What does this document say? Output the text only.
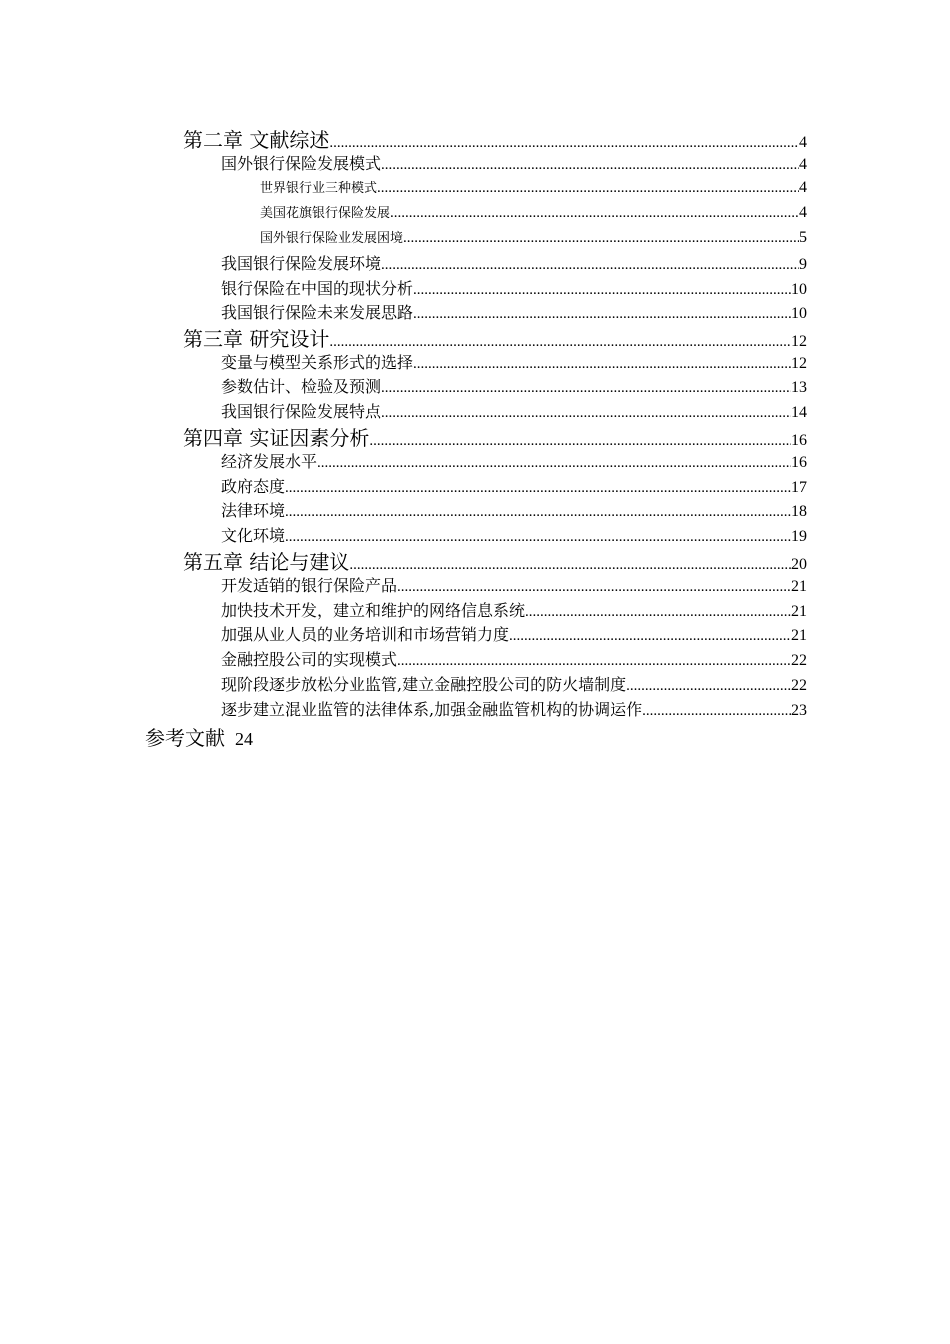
第二章 文献综述 .....	4
国外银行保险发展模式 .....	4
世界银行业三种模式 .....	4
美国花旗银行保险发展 .....	4
国外银行保险业发展困境 .....	5
我国银行保险发展环境 .....	9
银行保险在中国的现状分析 .....	10
我国银行保险未来发展思路 .....	10
第三章 研究设计 .....	12
变量与模型关系形式的选择 .....	12
参数估计、检验及预测 .....	13
我国银行保险发展特点 .....	14
第四章 实证因素分析 .....	16
经济发展水平 .....	16
政府态度 .....	17
法律环境 .....	18
文化环境 .....	19
第五章 结论与建议 .....	20
开发适销的银行保险产品 .....	21
加快技术开发，建立和维护的网络信息系统 .....	21
加强从业人员的业务培训和市场营销力度 .....	21
金融控股公司的实现模式 .....	22
现阶段逐步放松分业监管,建立金融控股公司的防火墙制度 .....	22
逐步建立混业监管的法律体系,加强金融监管机构的协调运作 .....	23
参考文献 24
